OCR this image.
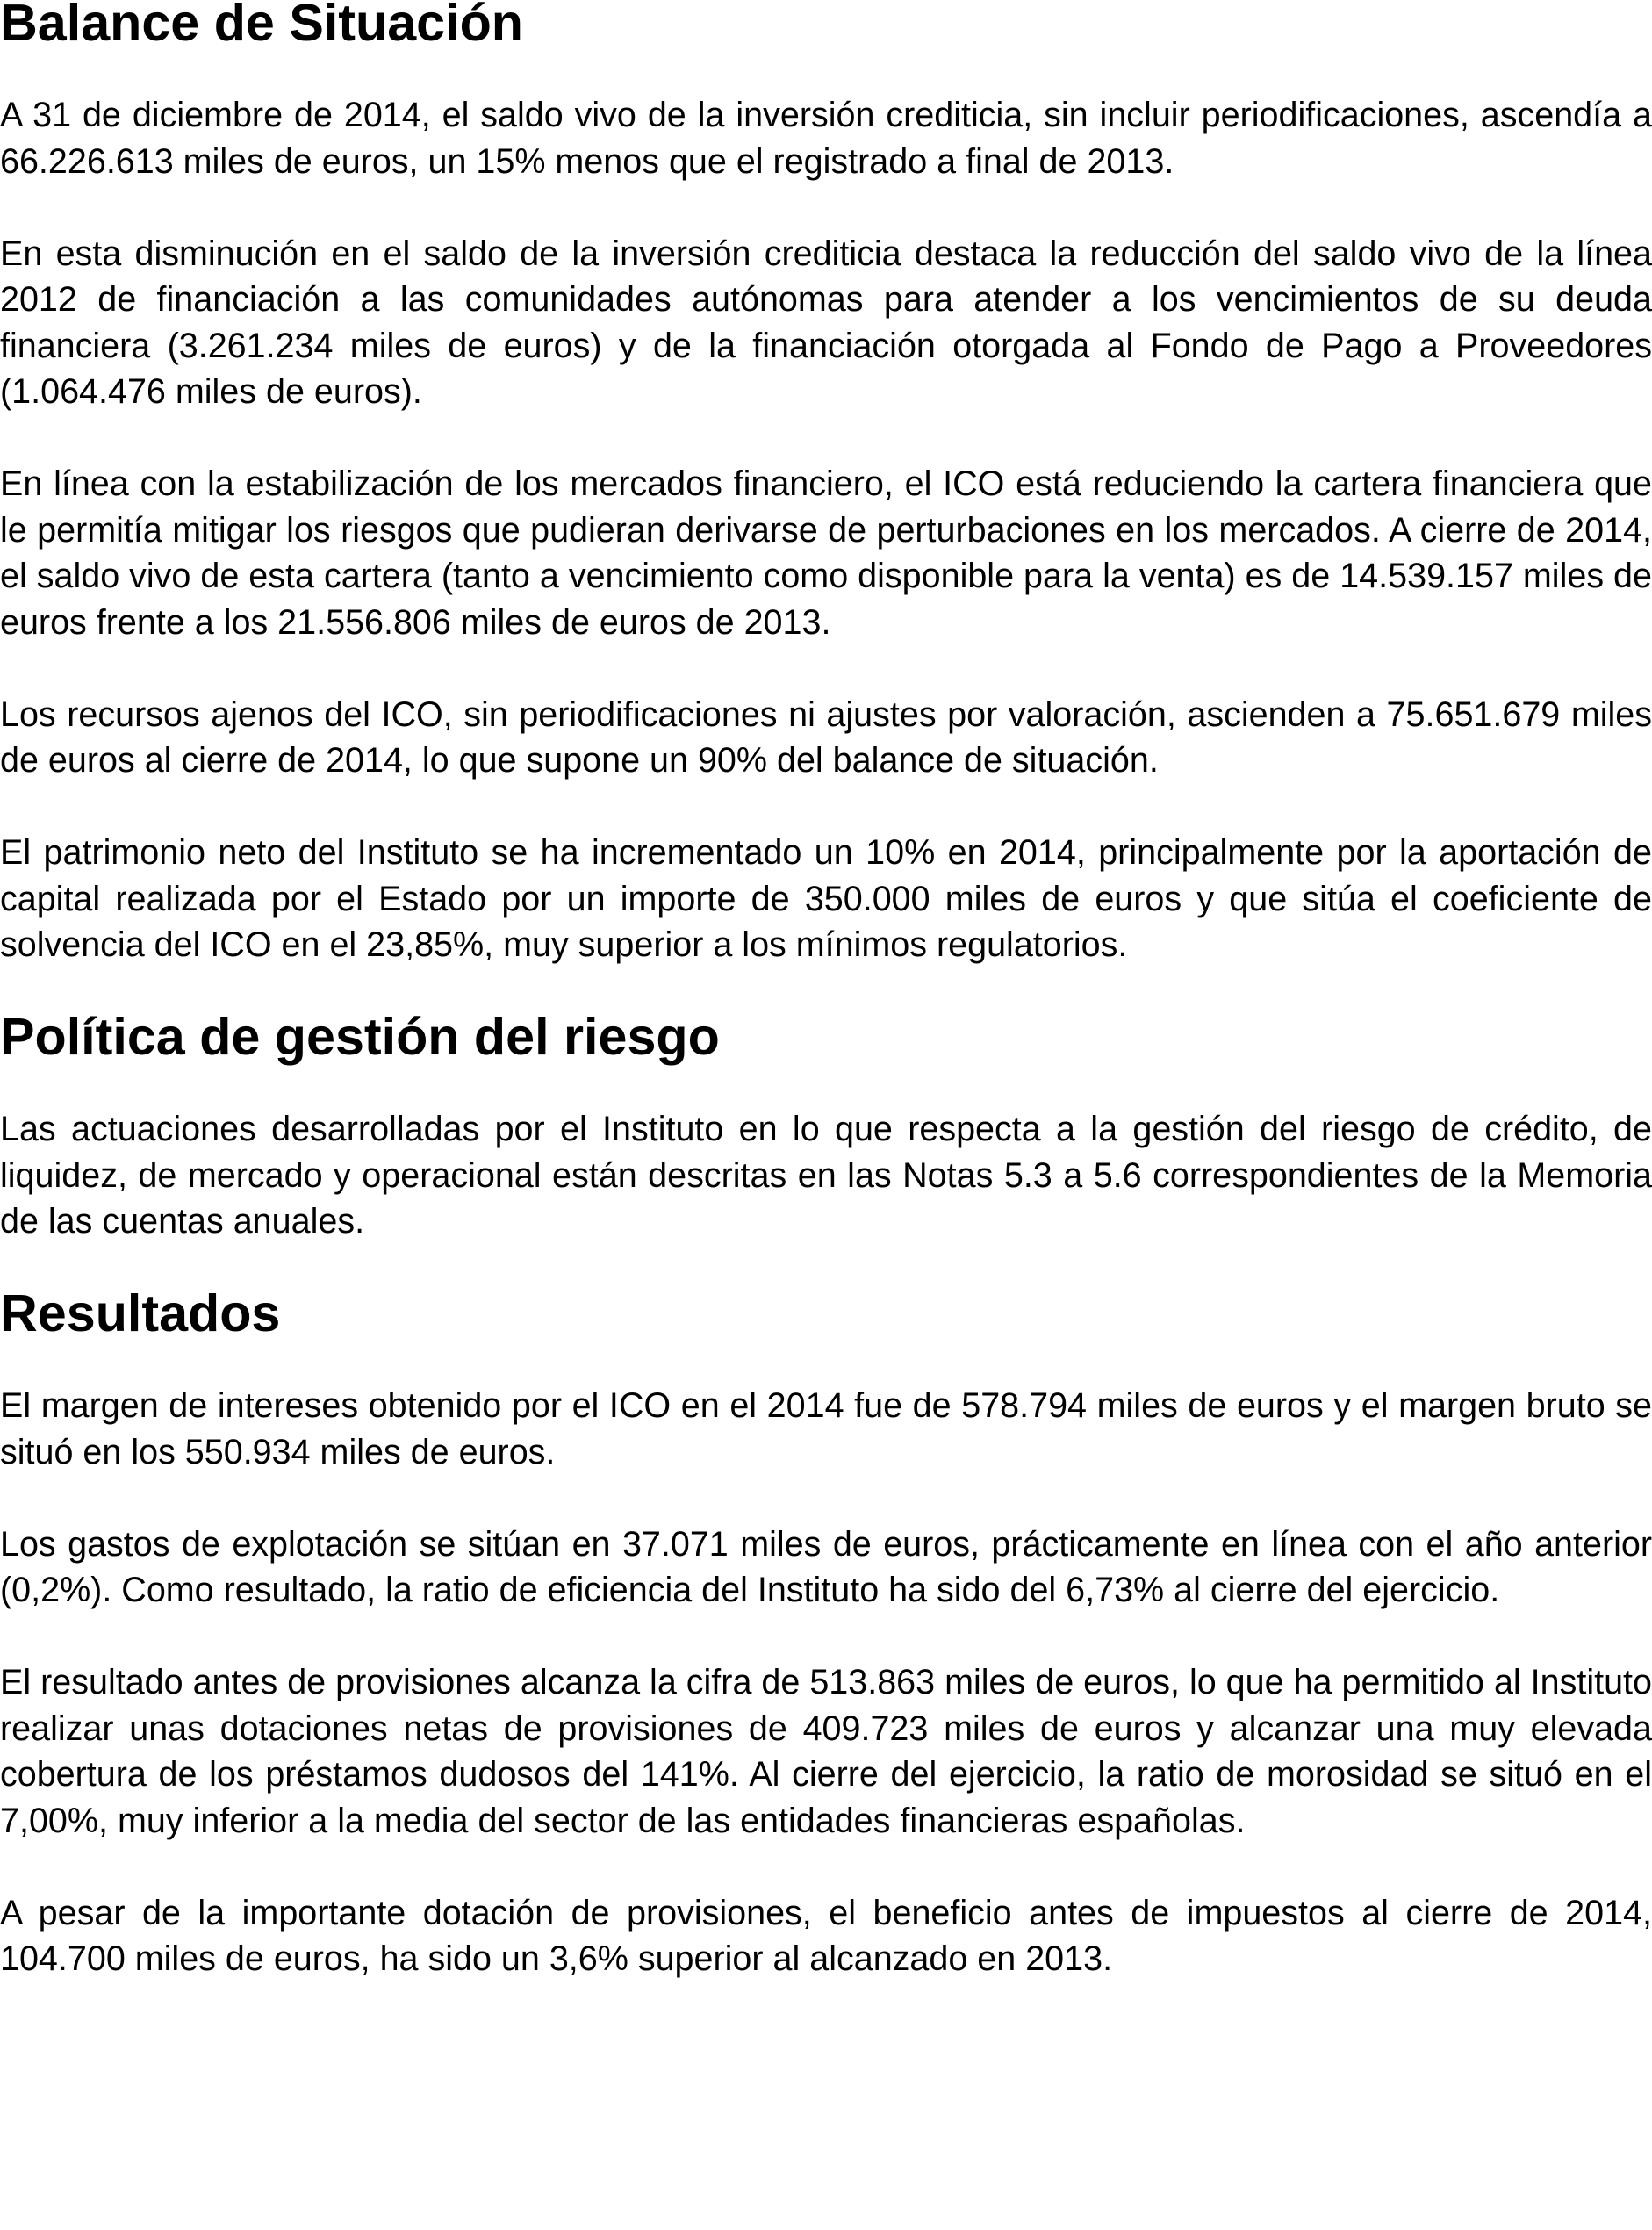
Balance de Situación

A 31 de diciembre de 2014, el saldo vivo de la inversión crediticia, sin incluir periodificaciones, ascendía a 66.226.613 miles de euros, un 15% menos que el registrado a final de 2013.

En esta disminución en el saldo de la inversión crediticia destaca la reducción del saldo vivo de la línea 2012 de financiación a las comunidades autónomas para atender a los vencimientos de su deuda financiera (3.261.234 miles de euros) y de la financiación otorgada al Fondo de Pago a Proveedores (1.064.476 miles de euros).

En línea con la estabilización de los mercados financiero, el ICO está reduciendo la cartera financiera que le permitía mitigar los riesgos que pudieran derivarse de perturbaciones en los mercados. A cierre de 2014, el saldo vivo de esta cartera (tanto a vencimiento como disponible para la venta) es de 14.539.157 miles de euros frente a los 21.556.806 miles de euros de 2013.

Los recursos ajenos del ICO, sin periodificaciones ni ajustes por valoración, ascienden a 75.651.679 miles de euros al cierre de 2014, lo que supone un 90% del balance de situación.

El patrimonio neto del Instituto se ha incrementado un 10% en 2014, principalmente por la aportación de capital realizada por el Estado por un importe de 350.000 miles de euros y que sitúa el coeficiente de solvencia del ICO en el 23,85%, muy superior a los mínimos regulatorios.

Política de gestión del riesgo

Las actuaciones desarrolladas por el Instituto en lo que respecta a la gestión del riesgo de crédito, de liquidez, de mercado y operacional están descritas en las Notas 5.3 a 5.6 correspondientes de la Memoria de las cuentas anuales.

Resultados

El margen de intereses obtenido por el ICO en el 2014 fue de 578.794 miles de euros y el margen bruto se situó en los 550.934 miles de euros.

Los gastos de explotación se sitúan en 37.071 miles de euros, prácticamente en línea con el año anterior (0,2%). Como resultado, la ratio de eficiencia del Instituto ha sido del 6,73% al cierre del ejercicio.

El resultado antes de provisiones alcanza la cifra de 513.863 miles de euros, lo que ha permitido al Instituto realizar unas dotaciones netas de provisiones de 409.723 miles de euros y alcanzar una muy elevada cobertura de los préstamos dudosos del 141%. Al cierre del ejercicio, la ratio de morosidad se situó en el 7,00%, muy inferior a la media del sector de las entidades financieras españolas.

A pesar de la importante dotación de provisiones, el beneficio antes de impuestos al cierre de 2014, 104.700 miles de euros, ha sido un 3,6% superior al alcanzado en 2013.
